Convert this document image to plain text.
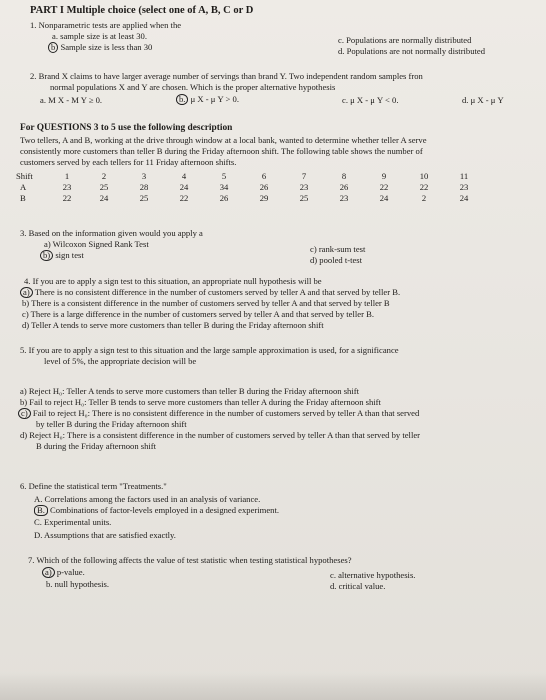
PART I Multiple choice (select one of A, B, C or D
1. Nonparametric tests are applied when the
a. sample size is at least 30.
b Sample size is less than 30
c. Populations are normally distributed
d. Populations are not normally distributed
2. Brand X claims to have larger average number of servings than brand Y. Two independent random samples fron
normal populations X and Y are chosen. Which is the proper alternative hypothesis
a. M X - M Y ≥ 0.	b. μ X - μ Y > 0.	c. μ X - μ Y < 0.	d. μ X - μ Y
For QUESTIONS 3 to 5 use the following description
Two tellers, A and B, working at the drive through window at a local bank, wanted to determine whether teller A serve
consistently more customers than teller B during the Friday afternoon shift. The following table shows the number of
customers served by each tellers for 11 Friday afternoon shifts.
Shift	1	2	3	4	5	6	7	8	9	10	11
A	23	25	28	24	34	26	23	26	22	22	23
B	22	24	25	22	26	29	25	23	24	2	24
3. Based on the information given would you apply a
a) Wilcoxon Signed Rank Test
b) sign test
c) rank-sum test
d) pooled t-test
4. If you are to apply a sign test to this situation, an appropriate null hypothesis will be
a) There is no consistent difference in the number of customers served by teller A and that served by teller B.
b) There is a consistent difference in the number of customers served by teller A and that served by teller B
c) There is a large difference in the number of customers served by teller A and that served by teller B.
d) Teller A tends to serve more customers than teller B during the Friday afternoon shift
5. If you are to apply a sign test to this situation and the large sample approximation is used, for a significance
level of 5%, the appropriate decision will be
a) Reject H₀: Teller A tends to serve more customers than teller B during the Friday afternoon shift
b) Fail to reject H₀: Teller B tends to serve more customers than teller A during the Friday afternoon shift
c) Fail to reject H₀: There is no consistent difference in the number of customers served by teller A than that served
by teller B during the Friday afternoon shift
d) Reject H₀: There is a consistent difference in the number of customers served by teller A than that served by teller
B during the Friday afternoon shift
6. Define the statistical term "Treatments."
A. Correlations among the factors used in an analysis of variance.
B. Combinations of factor-levels employed in a designed experiment.
C. Experimental units.
D. Assumptions that are satisfied exactly.
7. Which of the following affects the value of test statistic when testing statistical hypotheses?
a) p-value.
b. null hypothesis.
c. alternative hypothesis.
d. critical value.
